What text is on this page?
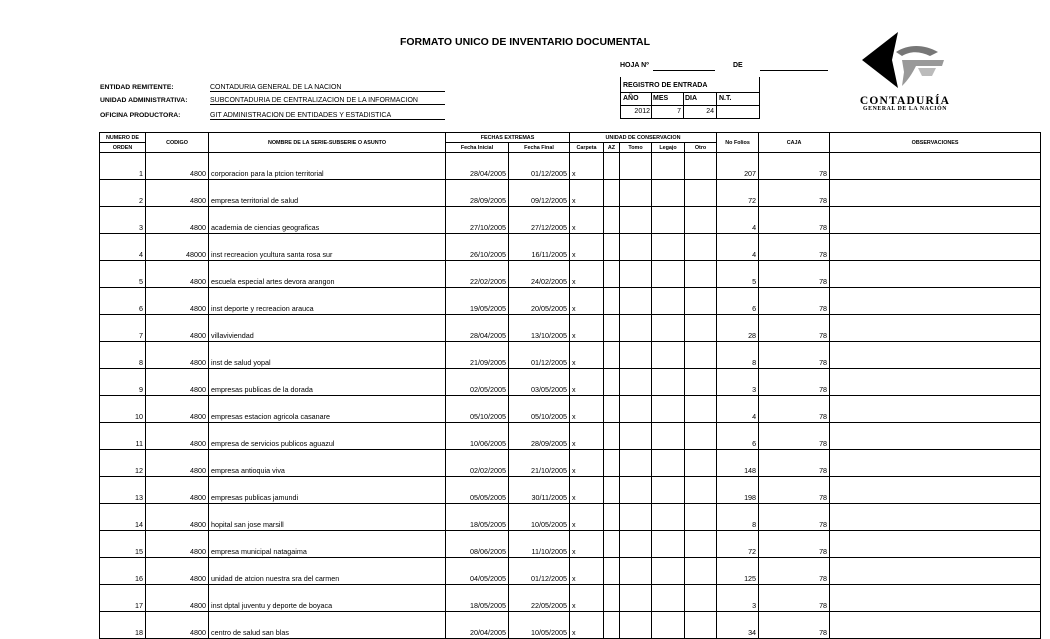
FORMATO UNICO DE INVENTARIO DOCUMENTAL
HOJA Nº	DE
ENTIDAD REMITENTE:	CONTADURIA GENERAL DE LA NACION
UNIDAD ADMINISTRATIVA:	SUBCONTADURIA DE CENTRALIZACION DE LA INFORMACION
OFICINA PRODUCTORA:	GIT ADMINISTRACION DE ENTIDADES Y ESTADISTICA
REGISTRO DE ENTRADA
AÑO MES DIA	N.T.
2012	7	24
CONTADURÍA
GENERAL DE LA NACIÓN
NUMERO DE	CODIGO	NOMBRE DE LA SERIE-SUBSERIE O ASUNTO	FECHAS EXTREMAS		UNIDAD DE CONSERVACION					No Folios	CAJA	OBSERVACIONES
ORDEN			Fecha Inicial	Fecha Final	Carpeta	AZ	Tomo	Legajo	Otro			
1	4800	corporacion para la ptcion territorial	28/04/2005	01/12/2005	x					207	78	
2	4800	empresa territorial de salud	28/09/2005	09/12/2005	x					72	78	
3	4800	academia de ciencias geograficas	27/10/2005	27/12/2005	x					4	78	
4	48000	inst recreacion ycultura santa rosa sur	26/10/2005	16/11/2005	x					4	78	
5	4800	escuela especial artes devora arangon	22/02/2005	24/02/2005	x					5	78	
6	4800	inst deporte y recreacion arauca	19/05/2005	20/05/2005	x					6	78	
7	4800	villaviviendad	28/04/2005	13/10/2005	x					28	78	
8	4800	inst de salud yopal	21/09/2005	01/12/2005	x					8	78	
9	4800	empresas publicas de la dorada	02/05/2005	03/05/2005	x					3	78	
10	4800	empresas estacion agricola casanare	05/10/2005	05/10/2005	x					4	78	
11	4800	empresa de servicios publicos aguazul	10/06/2005	28/09/2005	x					6	78	
12	4800	empresa antioquia viva	02/02/2005	21/10/2005	x					148	78	
13	4800	empresas publicas jamundi	05/05/2005	30/11/2005	x					198	78	
14	4800	hopital san jose marsill	18/05/2005	10/05/2005	x					8	78	
15	4800	empresa municipal natagaima	08/06/2005	11/10/2005	x					72	78	
16	4800	unidad de atcion nuestra sra del carmen	04/05/2005	01/12/2005	x					125	78	
17	4800	inst dptal juventu y deporte de boyaca	18/05/2005	22/05/2005	x					3	78	
18	4800	centro de salud san blas	20/04/2005	10/05/2005	x					34	78	
